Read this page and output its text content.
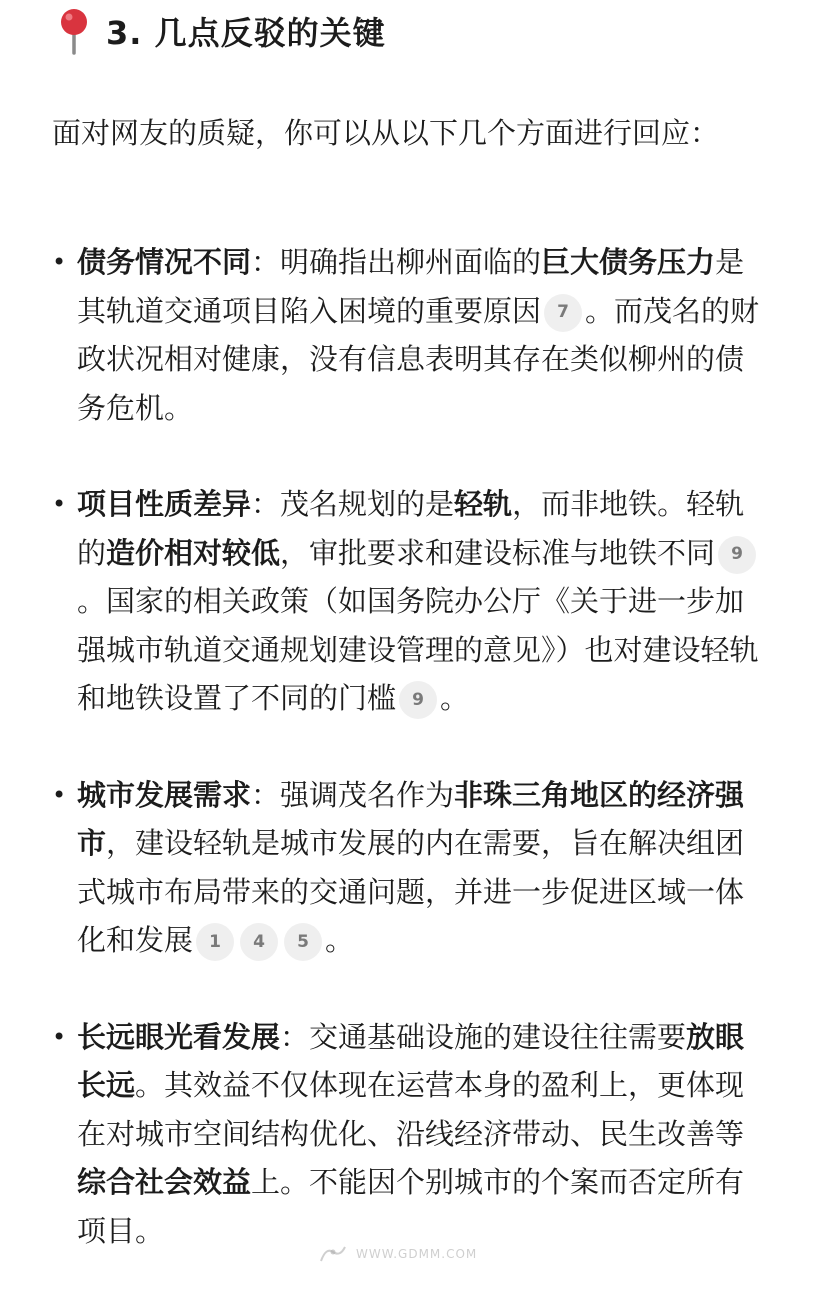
3. 几点反驳的关键

面对网友的质疑，你可以从以下几个方面进行回应：

• 债务情况不同：明确指出柳州面临的巨大债务压力是其轨道交通项目陷入困境的重要原因 7 。而茂名的财政状况相对健康，没有信息表明其存在类似柳州的债务危机。
• 项目性质差异：茂名规划的是轻轨，而非地铁。轻轨的造价相对较低，审批要求和建设标准与地铁不同 9。国家的相关政策（如国务院办公厅《关于进一步加强城市轨道交通规划建设管理的意见》）也对建设轻轨和地铁设置了不同的门槛 9 。
• 城市发展需求：强调茂名作为非珠三角地区的经济强市，建设轻轨是城市发展的内在需要，旨在解决组团式城市布局带来的交通问题，并进一步促进区域一体化和发展 1 4 5 。
• 长远眼光看发展：交通基础设施的建设往往需要放眼长远。其效益不仅体现在运营本身的盈利上，更体现在对城市空间结构优化、沿线经济带动、民生改善等综合社会效益上。不能因个别城市的个案而否定所有项目。
WWW.GDMM.COM
